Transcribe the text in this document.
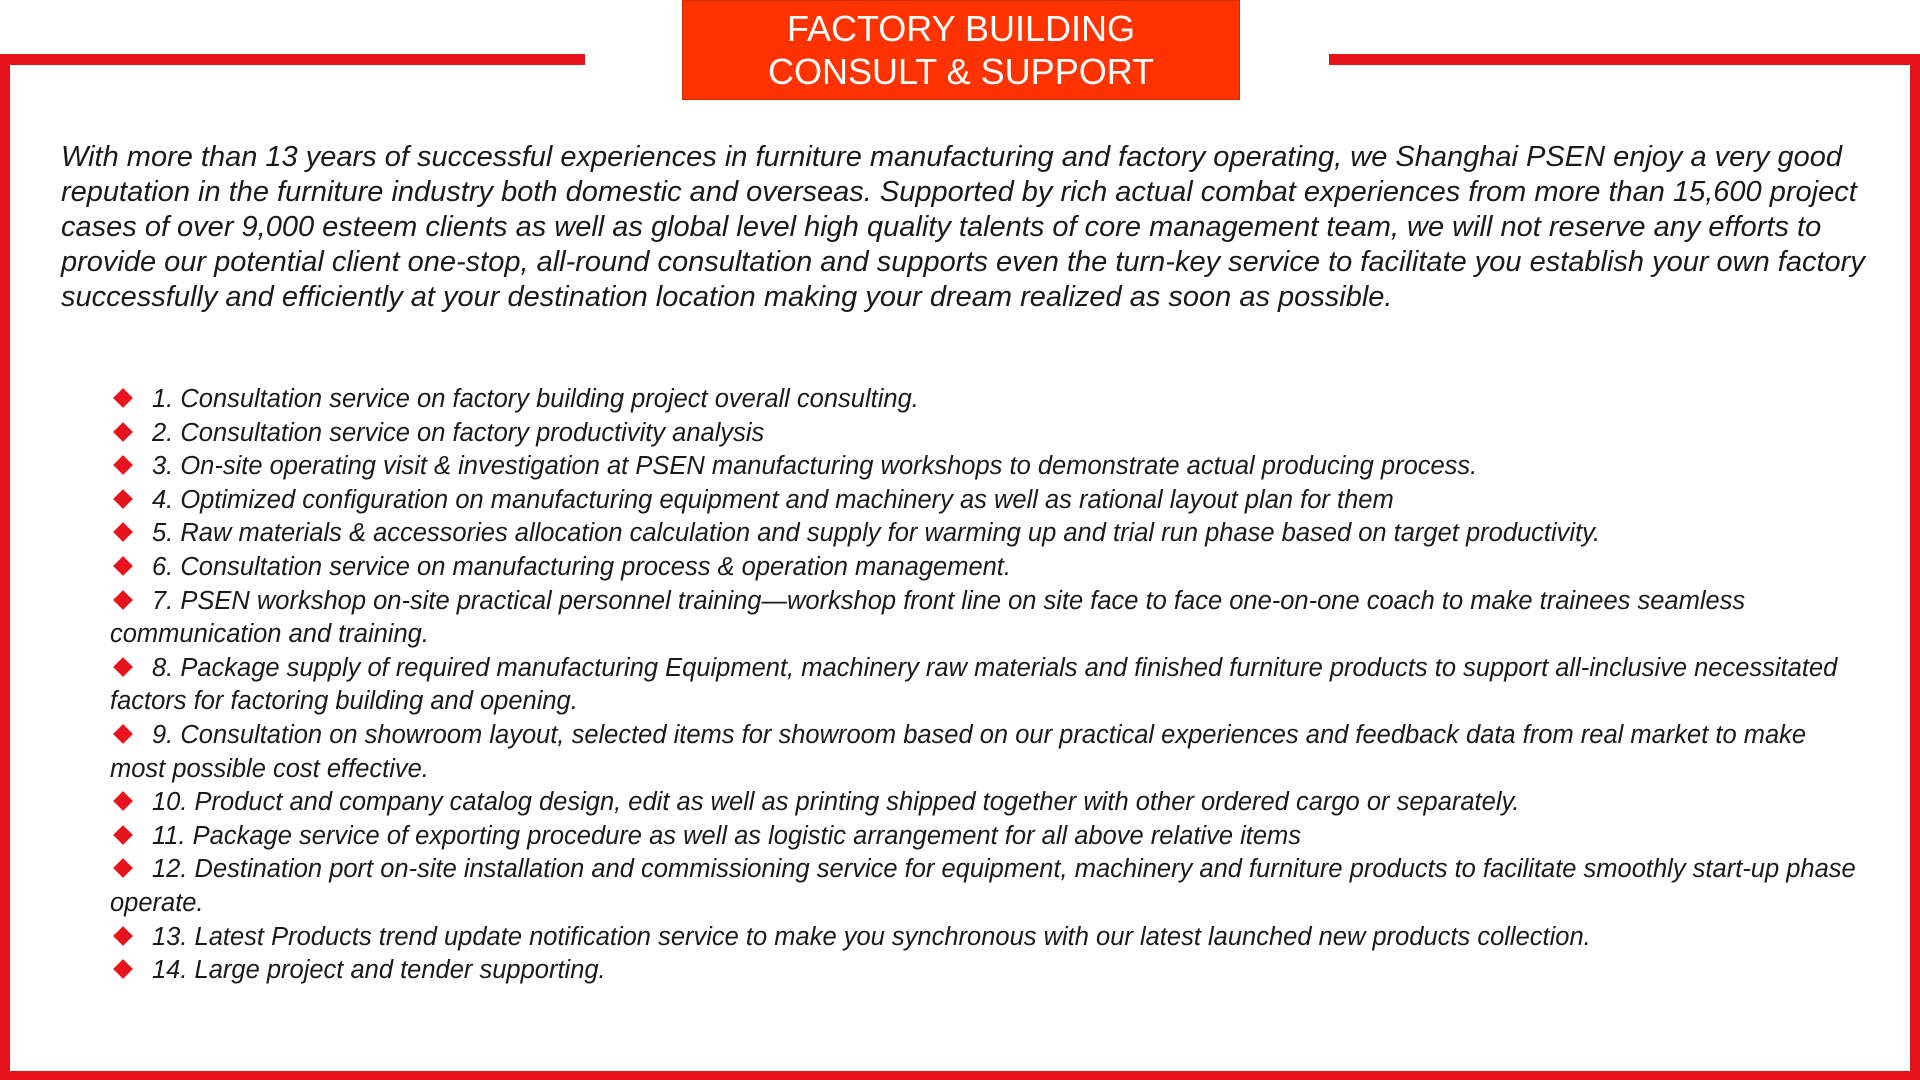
FACTORY BUILDING
CONSULT & SUPPORT

With more than 13 years of successful experiences in furniture manufacturing and factory operating, we Shanghai PSEN enjoy a very good reputation in the furniture industry both domestic and overseas. Supported by rich actual combat experiences from more than 15,600 project cases of over 9,000 esteem clients as well as global level high quality talents of core management team, we will not reserve any efforts to provide our potential client one-stop, all-round consultation and supports even the turn-key service to facilitate you establish your own factory successfully and efficiently at your destination location making your dream realized as soon as possible.

1. Consultation service on factory building project overall consulting.
2. Consultation service on factory productivity analysis
3. On-site operating visit & investigation at PSEN manufacturing workshops to demonstrate actual producing process.
4. Optimized configuration on manufacturing equipment and machinery as well as rational layout plan for them
5. Raw materials & accessories allocation calculation and supply for warming up and trial run phase based on target productivity.
6. Consultation service on manufacturing process & operation management.
7. PSEN workshop on-site practical personnel training—workshop front line on site face to face one-on-one coach to make trainees seamless communication and training.
8. Package supply of required manufacturing Equipment, machinery raw materials and finished furniture products to support all-inclusive necessitated factors for factoring building and opening.
9. Consultation on showroom layout, selected items for showroom based on our practical experiences and feedback data from real market to make most possible cost effective.
10. Product and company catalog design, edit as well as printing shipped together with other ordered cargo or separately.
11. Package service of exporting procedure as well as logistic arrangement for all above relative items
12. Destination port on-site installation and commissioning service for equipment, machinery and furniture products to facilitate smoothly start-up phase operate.
13. Latest Products trend update notification service to make you synchronous with our latest launched new products collection.
14. Large project and tender supporting.
